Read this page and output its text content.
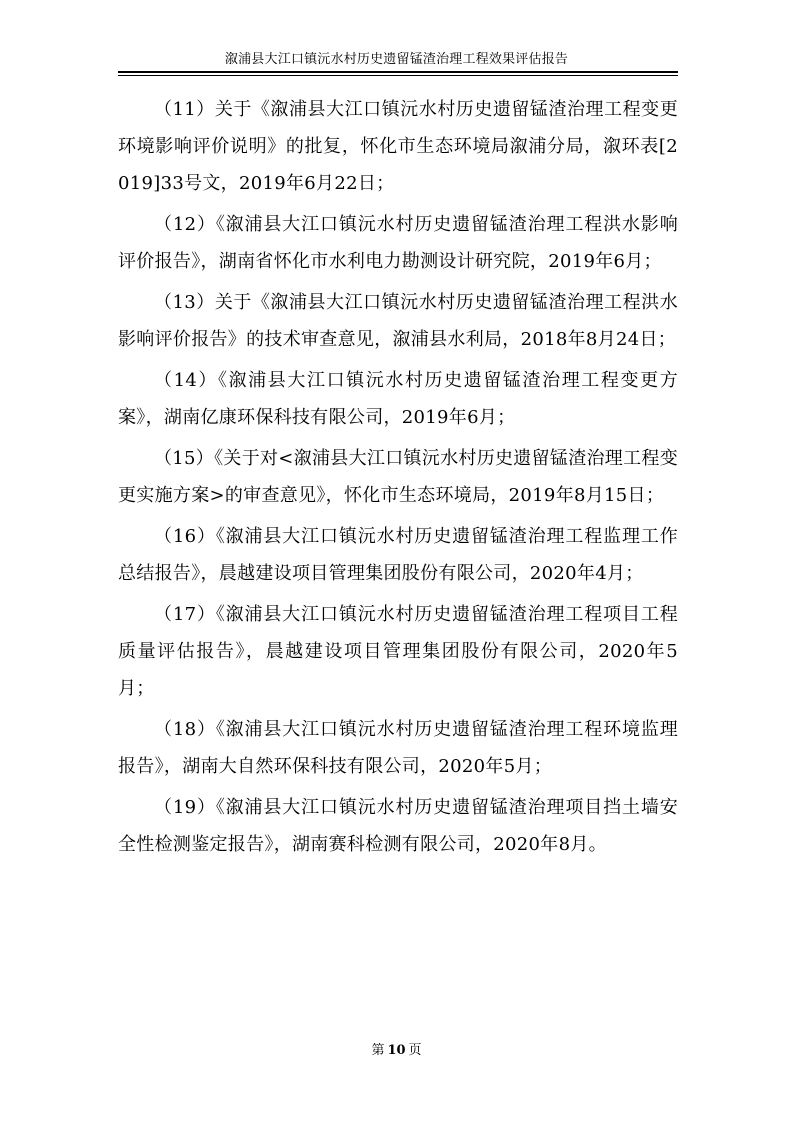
溆浦县大江口镇沅水村历史遗留锰渣治理工程效果评估报告

（11）关于《溆浦县大江口镇沅水村历史遗留锰渣治理工程变更环境影响评价说明》的批复，怀化市生态环境局溆浦分局，溆环表[2019]33号文，2019年6月22日；

（12）《溆浦县大江口镇沅水村历史遗留锰渣治理工程洪水影响评价报告》，湖南省怀化市水利电力勘测设计研究院，2019年6月；

（13）关于《溆浦县大江口镇沅水村历史遗留锰渣治理工程洪水影响评价报告》的技术审查意见，溆浦县水利局，2018年8月24日；

（14）《溆浦县大江口镇沅水村历史遗留锰渣治理工程变更方案》，湖南亿康环保科技有限公司，2019年6月；

（15）《关于对<溆浦县大江口镇沅水村历史遗留锰渣治理工程变更实施方案>的审查意见》，怀化市生态环境局，2019年8月15日；

（16）《溆浦县大江口镇沅水村历史遗留锰渣治理工程监理工作总结报告》，晨越建设项目管理集团股份有限公司，2020年4月；

（17）《溆浦县大江口镇沅水村历史遗留锰渣治理工程项目工程质量评估报告》，晨越建设项目管理集团股份有限公司，2020年5月；

（18）《溆浦县大江口镇沅水村历史遗留锰渣治理工程环境监理报告》，湖南大自然环保科技有限公司，2020年5月；

（19）《溆浦县大江口镇沅水村历史遗留锰渣治理项目挡土墙安全性检测鉴定报告》，湖南赛科检测有限公司，2020年8月。

第 10 页
